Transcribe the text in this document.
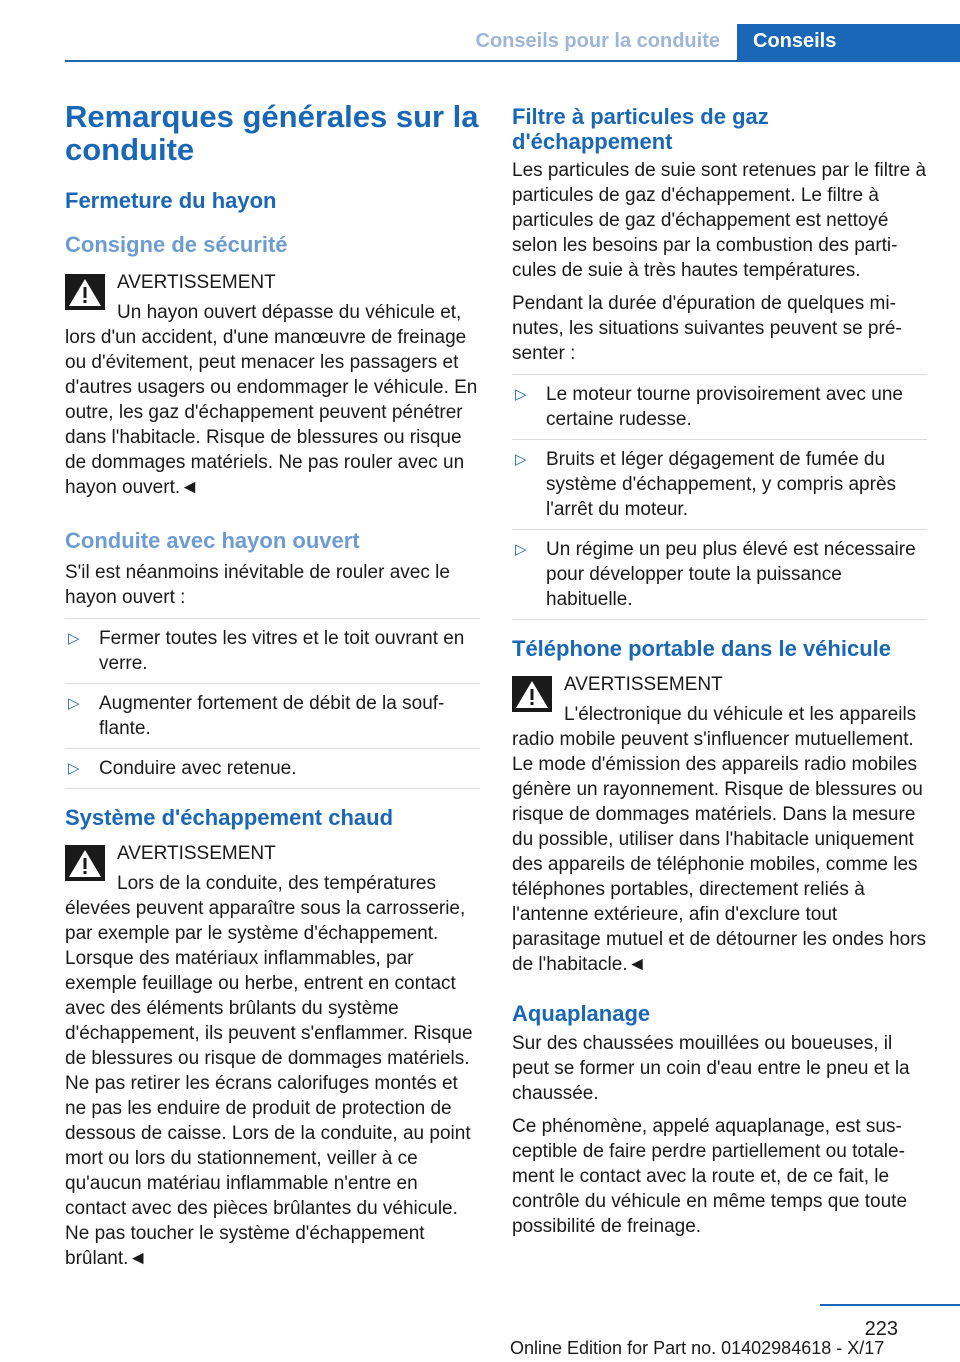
Conseils pour la conduite	Conseils
Remarques générales sur la conduite
Fermeture du hayon
Consigne de sécurité
AVERTISSEMENT
Un hayon ouvert dépasse du véhicule et, lors d'un accident, d'une manœuvre de freinage ou d'évitement, peut menacer les passagers et d'autres usagers ou endommager le véhicule. En outre, les gaz d'échappement peuvent pénétrer dans l'habitacle. Risque de blessures ou risque de dommages matériels. Ne pas rouler avec un hayon ouvert.◄
Conduite avec hayon ouvert
S'il est néanmoins inévitable de rouler avec le hayon ouvert :
▷ Fermer toutes les vitres et le toit ouvrant en verre.
▷ Augmenter fortement de débit de la soufflante.
▷ Conduire avec retenue.
Système d'échappement chaud
AVERTISSEMENT
Lors de la conduite, des températures élevées peuvent apparaître sous la carrosserie, par exemple par le système d'échappement. Lorsque des matériaux inflammables, par exemple feuillage ou herbe, entrent en contact avec des éléments brûlants du système d'échappement, ils peuvent s'enflammer. Risque de blessures ou risque de dommages matériels. Ne pas retirer les écrans calorifuges montés et ne pas les enduire de produit de protection de dessous de caisse. Lors de la conduite, au point mort ou lors du stationnement, veiller à ce qu'aucun matériau inflammable n'entre en contact avec des pièces brûlantes du véhicule. Ne pas toucher le système d'échappement brûlant.◄
Filtre à particules de gaz d'échappement
Les particules de suie sont retenues par le filtre à particules de gaz d'échappement. Le filtre à particules de gaz d'échappement est nettoyé selon les besoins par la combustion des particules de suie à très hautes températures.
Pendant la durée d'épuration de quelques minutes, les situations suivantes peuvent se présenter :
▷ Le moteur tourne provisoirement avec une certaine rudesse.
▷ Bruits et léger dégagement de fumée du système d'échappement, y compris après l'arrêt du moteur.
▷ Un régime un peu plus élevé est nécessaire pour développer toute la puissance habituelle.
Téléphone portable dans le véhicule
AVERTISSEMENT
L'électronique du véhicule et les appareils radio mobile peuvent s'influencer mutuellement. Le mode d'émission des appareils radio mobiles génère un rayonnement. Risque de blessures ou risque de dommages matériels. Dans la mesure du possible, utiliser dans l'habitacle uniquement des appareils de téléphonie mobiles, comme les téléphones portables, directement reliés à l'antenne extérieure, afin d'exclure tout parasitage mutuel et de détourner les ondes hors de l'habitacle.◄
Aquaplanage
Sur des chaussées mouillées ou boueuses, il peut se former un coin d'eau entre le pneu et la chaussée.
Ce phénomène, appelé aquaplanage, est susceptible de faire perdre partiellement ou totalement le contact avec la route et, de ce fait, le contrôle du véhicule en même temps que toute possibilité de freinage.
223
Online Edition for Part no. 01402984618 - X/17
